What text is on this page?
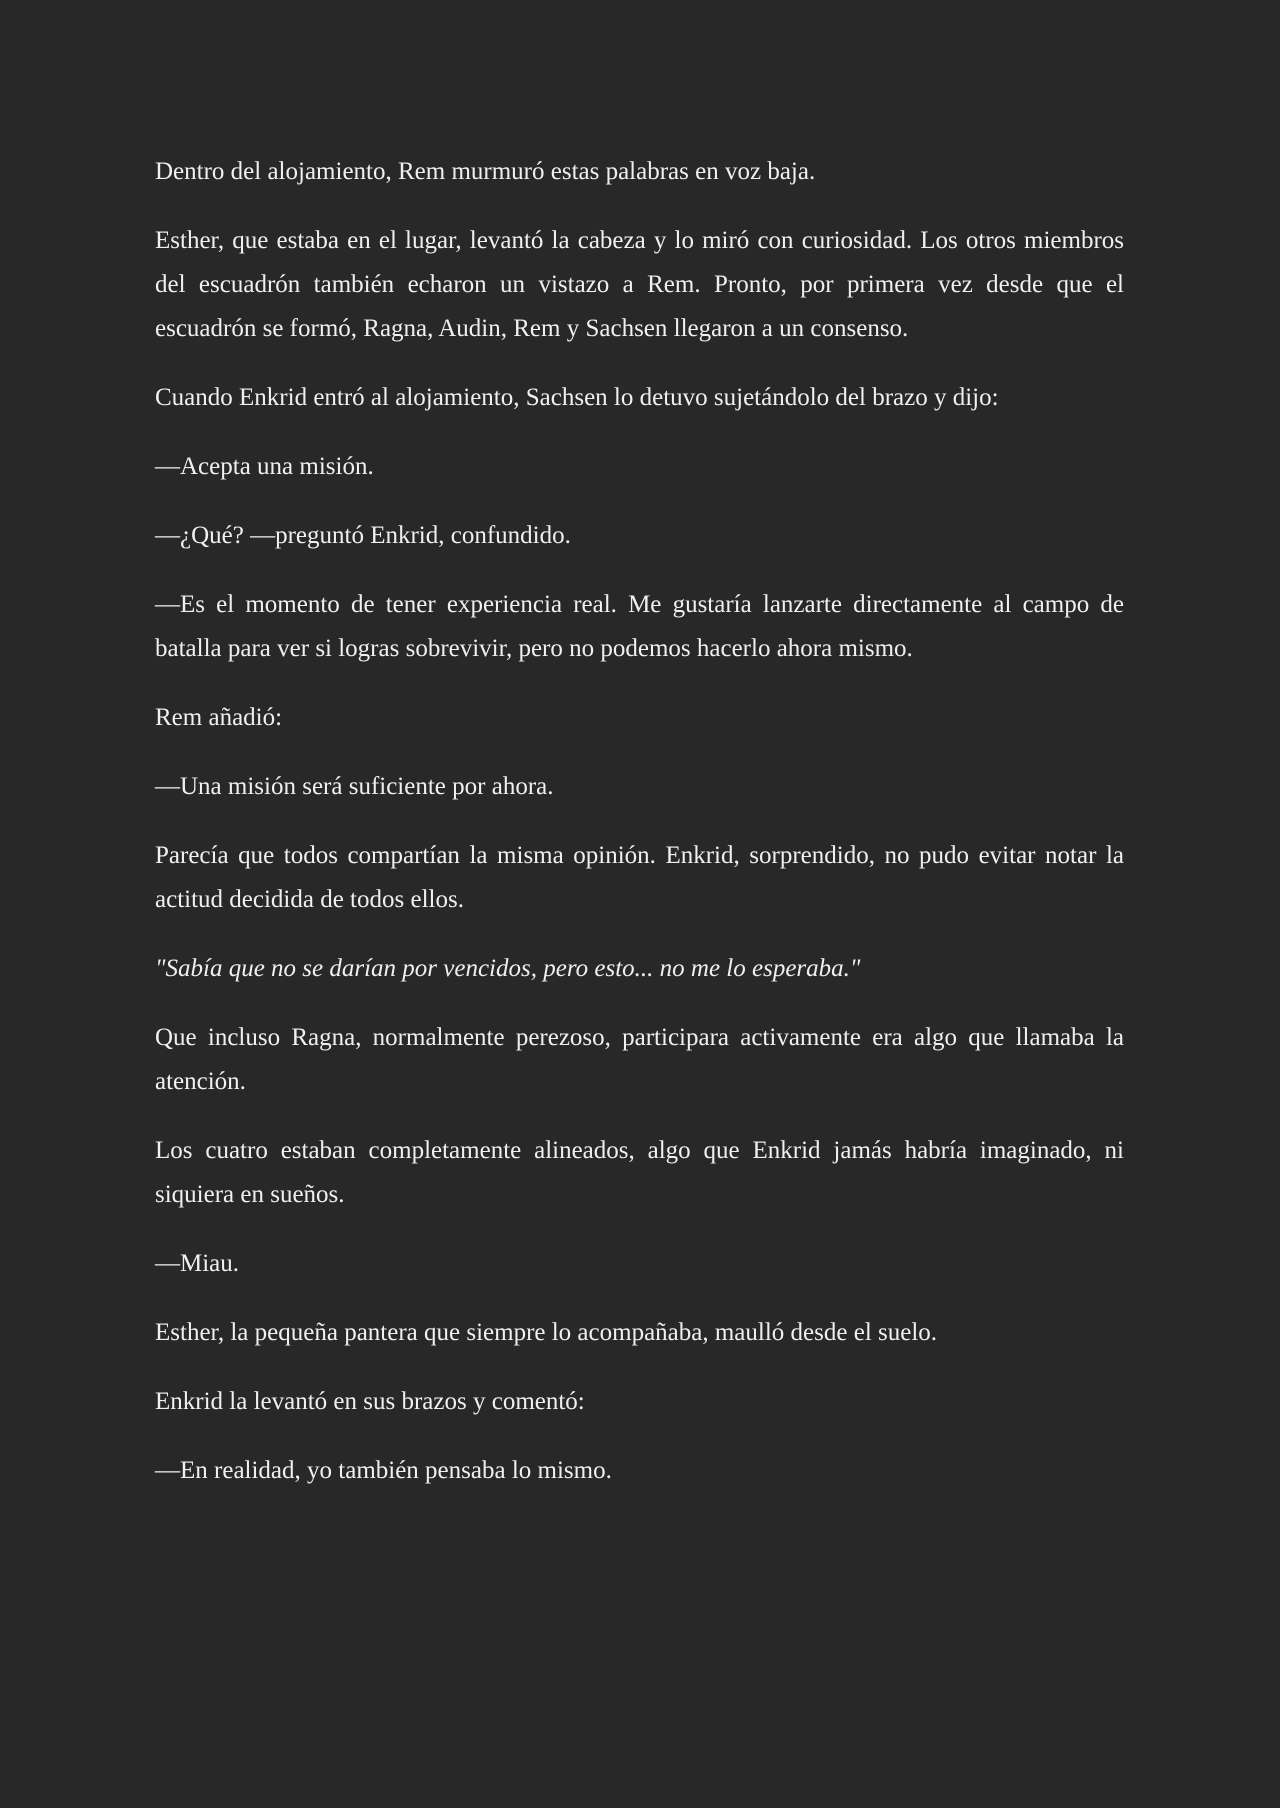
Dentro del alojamiento, Rem murmuró estas palabras en voz baja.

Esther, que estaba en el lugar, levantó la cabeza y lo miró con curiosidad. Los otros miembros del escuadrón también echaron un vistazo a Rem. Pronto, por primera vez desde que el escuadrón se formó, Ragna, Audin, Rem y Sachsen llegaron a un consenso.

Cuando Enkrid entró al alojamiento, Sachsen lo detuvo sujetándolo del brazo y dijo:

—Acepta una misión.

—¿Qué? —preguntó Enkrid, confundido.

—Es el momento de tener experiencia real. Me gustaría lanzarte directamente al campo de batalla para ver si logras sobrevivir, pero no podemos hacerlo ahora mismo.

Rem añadió:

—Una misión será suficiente por ahora.

Parecía que todos compartían la misma opinión. Enkrid, sorprendido, no pudo evitar notar la actitud decidida de todos ellos.

"Sabía que no se darían por vencidos, pero esto... no me lo esperaba."

Que incluso Ragna, normalmente perezoso, participara activamente era algo que llamaba la atención.

Los cuatro estaban completamente alineados, algo que Enkrid jamás habría imaginado, ni siquiera en sueños.

—Miau.

Esther, la pequeña pantera que siempre lo acompañaba, maulló desde el suelo.

Enkrid la levantó en sus brazos y comentó:

—En realidad, yo también pensaba lo mismo.
